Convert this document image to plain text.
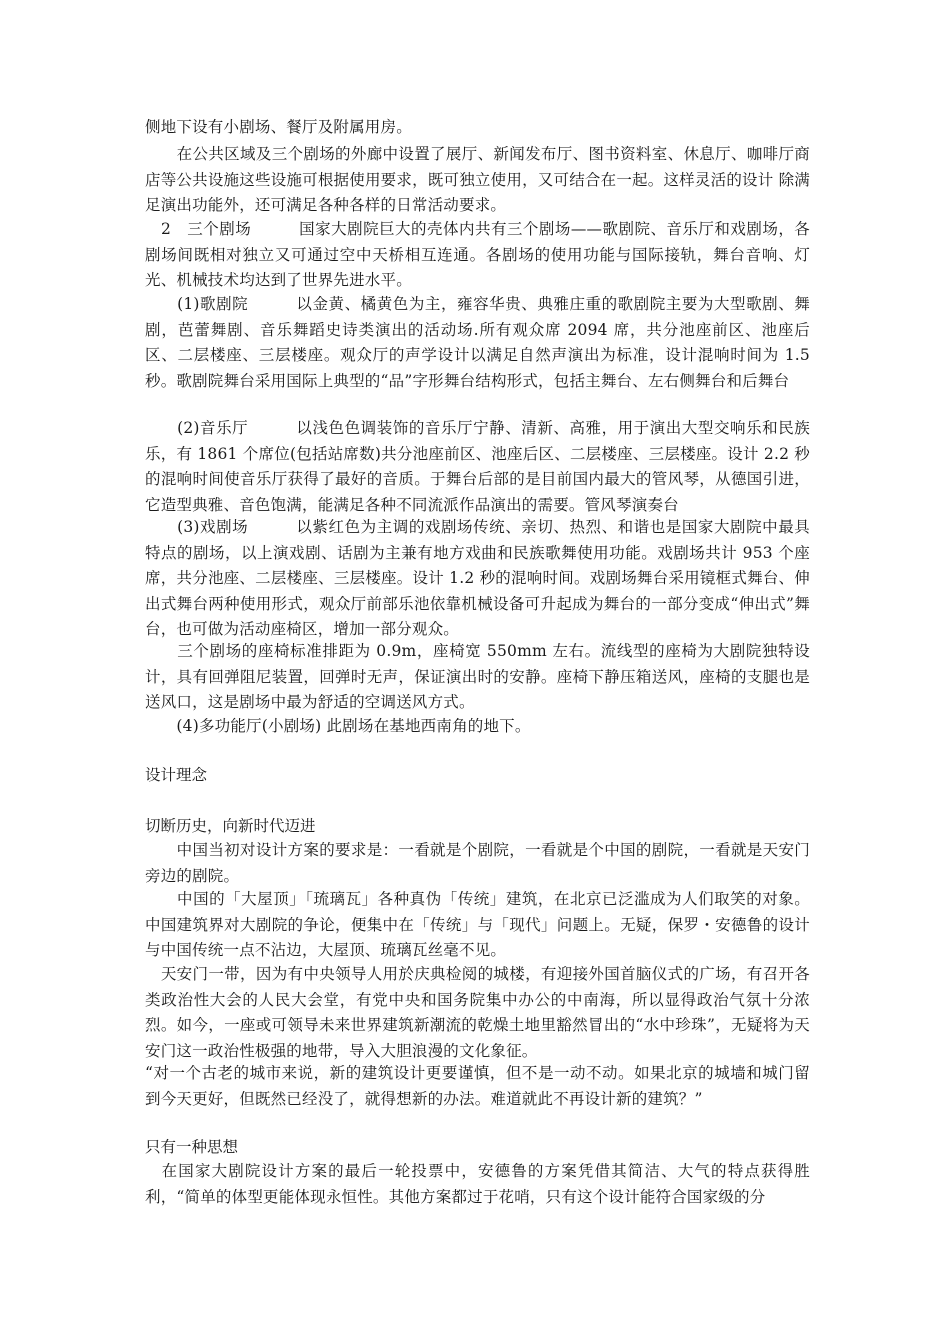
侧地下设有小剧场、餐厅及附属用房。

　　在公共区域及三个剧场的外廊中设置了展厅、新闻发布厅、图书资料室、休息厅、咖啡厅商店等公共设施这些设施可根据使用要求，既可独立使用，又可结合在一起。这样灵活的设计 除满足演出功能外，还可满足各种各样的日常活动要求。

　2　三个剧场　　　国家大剧院巨大的壳体内共有三个剧场——歌剧院、音乐厅和戏剧场，各剧场间既相对独立又可通过空中天桥相互连通。各剧场的使用功能与国际接轨，舞台音响、灯光、机械技术均达到了世界先进水平。

　　(1)歌剧院　　　以金黄、橘黄色为主，雍容华贵、典雅庄重的歌剧院主要为大型歌剧、舞剧，芭蕾舞剧、音乐舞蹈史诗类演出的活动场.所有观众席 2094 席，共分池座前区、池座后区、二层楼座、三层楼座。观众厅的声学设计以满足自然声演出为标准，设计混响时间为 1.5 秒。歌剧院舞台采用国际上典型的“品”字形舞台结构形式，包括主舞台、左右侧舞台和后舞台

　　(2)音乐厅　　　以浅色色调装饰的音乐厅宁静、清新、高雅，用于演出大型交响乐和民族乐，有 1861 个席位(包括站席数)共分池座前区、池座后区、二层楼座、三层楼座。设计 2.2 秒的混响时间使音乐厅获得了最好的音质。于舞台后部的是目前国内最大的管风琴，从德国引进，它造型典雅、音色饱满，能满足各种不同流派作品演出的需要。管风琴演奏台

　　(3)戏剧场　　　以紫红色为主调的戏剧场传统、亲切、热烈、和谐也是国家大剧院中最具特点的剧场，以上演戏剧、话剧为主兼有地方戏曲和民族歌舞使用功能。戏剧场共计 953 个座席，共分池座、二层楼座、三层楼座。设计 1.2 秒的混响时间。戏剧场舞台采用镜框式舞台、伸出式舞台两种使用形式，观众厅前部乐池依靠机械设备可升起成为舞台的一部分变成“伸出式”舞台，也可做为活动座椅区，增加一部分观众。

　　三个剧场的座椅标准排距为 0.9m，座椅宽 550mm 左右。流线型的座椅为大剧院独特设计，具有回弹阻尼装置，回弹时无声，保证演出时的安静。座椅下静压箱送风，座椅的支腿也是送风口，这是剧场中最为舒适的空调送风方式。

　　(4)多功能厅(小剧场) 此剧场在基地西南角的地下。

设计理念

切断历史，向新时代迈进

　　中国当初对设计方案的要求是：一看就是个剧院，一看就是个中国的剧院，一看就是天安门旁边的剧院。

　　中国的「大屋顶」「琉璃瓦」各种真伪「传统」建筑，在北京已泛滥成为人们取笑的对象。中国建筑界对大剧院的争论，便集中在「传统」与「现代」问题上。无疑，保罗・安德鲁的设计与中国传统一点不沾边，大屋顶、琉璃瓦丝毫不见。

　天安门一带，因为有中央领导人用於庆典检阅的城楼，有迎接外国首脑仪式的广场，有召开各类政治性大会的人民大会堂，有党中央和国务院集中办公的中南海，所以显得政治气氛十分浓烈。如今，一座或可领导未来世界建筑新潮流的乾燥土地里豁然冒出的“水中珍珠”，无疑将为天安门这一政治性极强的地带，导入大胆浪漫的文化象征。

“对一个古老的城市来说，新的建筑设计更要谨慎，但不是一动不动。如果北京的城墙和城门留到今天更好，但既然已经没了，就得想新的办法。难道就此不再设计新的建筑？”

只有一种思想

　在国家大剧院设计方案的最后一轮投票中，安德鲁的方案凭借其简洁、大气的特点获得胜利，“简单的体型更能体现永恒性。其他方案都过于花哨，只有这个设计能符合国家级的分
